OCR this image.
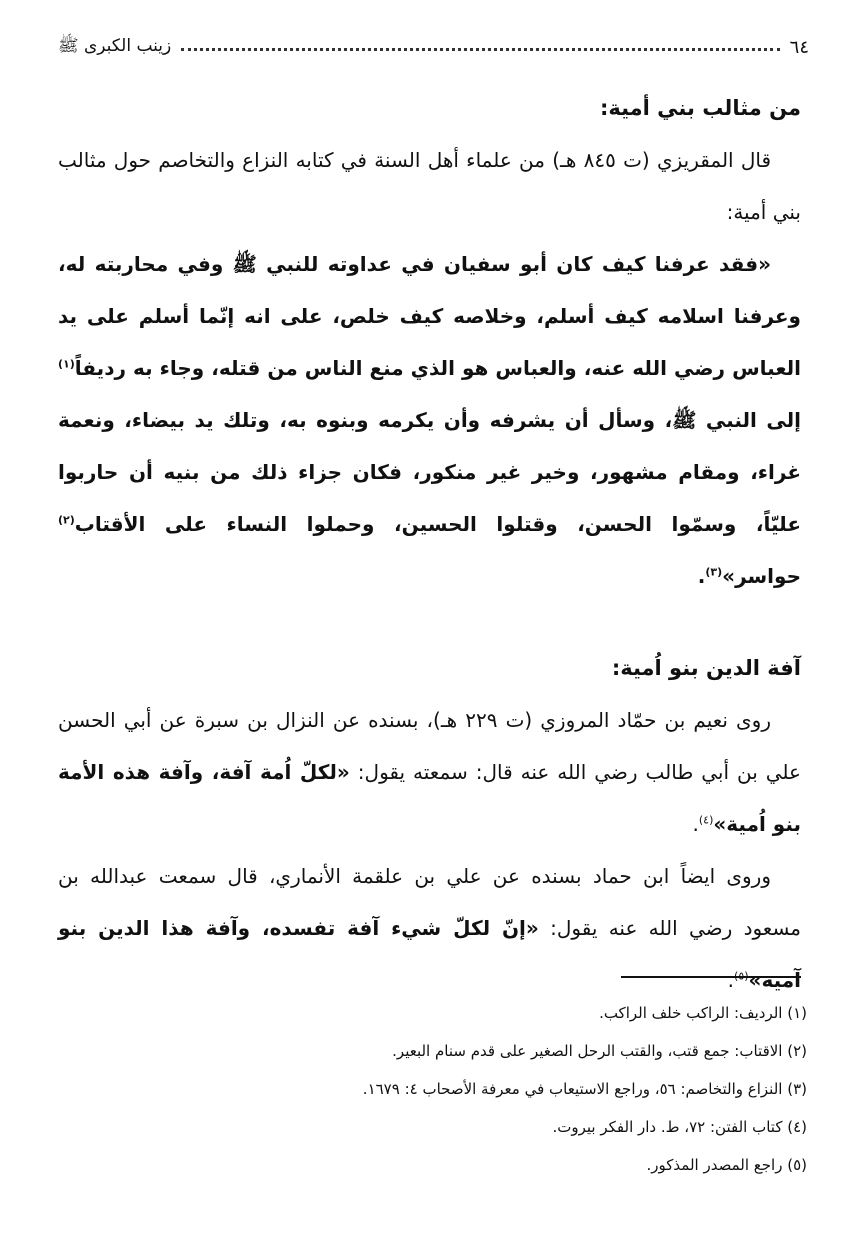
٦٤
زينب الكبرى ﷺ
من مثالب بني أمية:

قال المقريزي (ت ٨٤٥ هـ) من علماء أهل السنة في كتابه النزاع والتخاصم حول مثالب بني أمية:

«فقد عرفنا كيف كان أبو سفيان في عداوته للنبي ﷺ وفي محاربته له، وعرفنا اسلامه كيف أسلم، وخلاصه كيف خلص، على انه إنّما أسلم على يد العباس رضي الله عنه، والعباس هو الذي منع الناس من قتله، وجاء به رديفاً$^{(١)}$ إلى النبي ﷺ، وسأل أن يشرفه وأن يكرمه وبنوه به، وتلك يد بيضاء، ونعمة غراء، ومقام مشهور، وخير غير منكور، فكان جزاء ذلك من بنيه أن حاربوا عليّاً، وسمّوا الحسن، وقتلوا الحسين، وحملوا النساء على الأقتاب$^{(٢)}$ حواسر»$^{(٣)}$.

آفة الدين بنو اُمية:

روى نعيم بن حمّاد المروزي (ت ٢٢٩ هـ)، بسنده عن النزال بن سبرة عن أبي الحسن علي بن أبي طالب رضي الله عنه قال: سمعته يقول: «لكلّ اُمة آفة، وآفة هذه الأمة بنو اُمية»$^{(٤)}$.

وروى ايضاً ابن حماد بسنده عن علي بن علقمة الأنماري، قال سمعت عبدالله بن مسعود رضي الله عنه يقول: «إنّ لكلّ شيء آفة تفسده، وآفة هذا الدين بنو آمية»$^{(٥)}$.

(١) الرديف: الراكب خلف الراكب.
(٢) الاقتاب: جمع قتب، والقتب الرحل الصغير على قدم سنام البعير.
(٣) النزاع والتخاصم: ٥٦، وراجع الاستيعاب في معرفة الأصحاب ٤: ١٦٧٩.
(٤) كتاب الفتن: ٧٢، ط. دار الفكر بيروت.
(٥) راجع المصدر المذكور.
